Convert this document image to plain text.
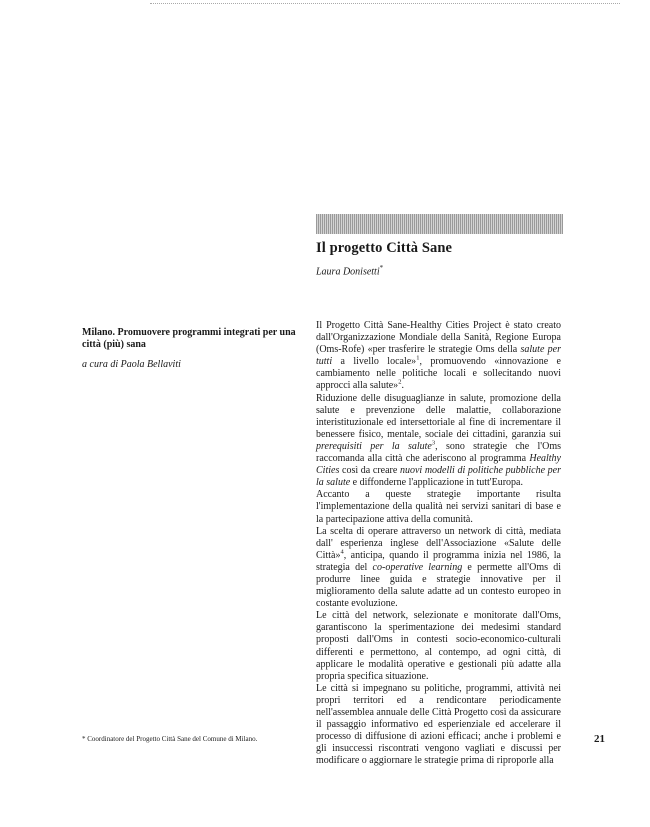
Il progetto Città Sane

Laura Donisetti*

Milano. Promuovere programmi integrati per una città (più) sana

a cura di Paola Bellaviti

Il Progetto Città Sane-Healthy Cities Project è stato creato dall'Organizzazione Mondiale della Sanità, Regione Europa (Oms-Rofe) «per trasferire le strategie Oms della salute per tutti a livello locale»$^1$, promuovendo «innovazione e cambiamento nelle politiche locali e sollecitando nuovi approcci alla salute»$^2$.

Riduzione delle disuguaglianze in salute, promozione della salute e prevenzione delle malattie, collaborazione interistituzionale ed intersettoriale al fine di incrementare il benessere fisico, mentale, sociale dei cittadini, garanzia sui prerequisiti per la salute$^3$, sono strategie che l'Oms raccomanda alla città che aderiscono al programma Healthy Cities così da creare nuovi modelli di politiche pubbliche per la salute e diffonderne l'applicazione in tutt'Europa.

Accanto a queste strategie importante risulta l'implementazione della qualità nei servizi sanitari di base e la partecipazione attiva della comunità.

La scelta di operare attraverso un network di città, mediata dall' esperienza inglese dell'Associazione «Salute delle Città»$^4$, anticipa, quando il programma inizia nel 1986, la strategia del co-operative learning e permette all'Oms di produrre linee guida e strategie innovative per il miglioramento della salute adatte ad un contesto europeo in costante evoluzione.

Le città del network, selezionate e monitorate dall'Oms, garantiscono la sperimentazione dei medesimi standard proposti dall'Oms in contesti socio-economico-culturali differenti e permettono, al contempo, ad ogni città, di applicare le modalità operative e gestionali più adatte alla propria specifica situazione.

Le città si impegnano su politiche, programmi, attività nei propri territori ed a rendicontare periodicamente nell'assemblea annuale delle Città Progetto così da assicurare il passaggio informativo ed esperienziale ed accelerare il processo di diffusione di azioni efficaci; anche i problemi e gli insuccessi riscontrati vengono vagliati e discussi per modificare o aggiornare le strategie prima di riproporle alla

* Coordinatore del Progetto Città Sane del Comune di Milano.	21
